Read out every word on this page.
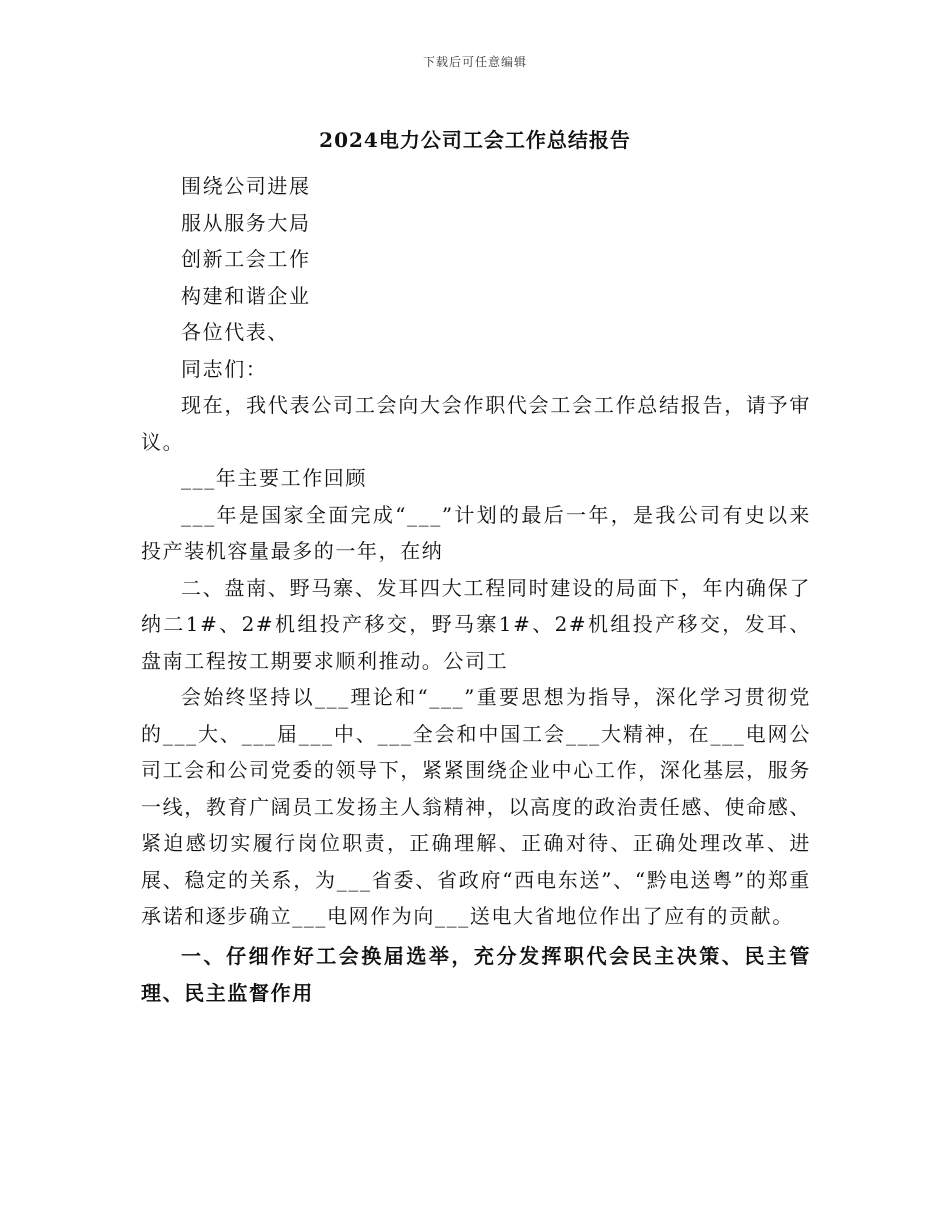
下载后可任意编辑
2024电力公司工会工作总结报告

围绕公司进展

服从服务大局

创新工会工作

构建和谐企业

各位代表、

同志们：

现在，我代表公司工会向大会作职代会工会工作总结报告，请予审议。

___年主要工作回顾

___年是国家全面完成“___”计划的最后一年，是我公司有史以来投产装机容量最多的一年，在纳

二、盘南、野马寨、发耳四大工程同时建设的局面下，年内确保了纳二1#、2#机组投产移交，野马寨1#、2#机组投产移交，发耳、盘南工程按工期要求顺利推动。公司工

会始终坚持以___理论和“___”重要思想为指导，深化学习贯彻党的___大、___届___中、___全会和中国工会___大精神，在___电网公司工会和公司党委的领导下，紧紧围绕企业中心工作，深化基层，服务一线，教育广阔员工发扬主人翁精神，以高度的政治责任感、使命感、紧迫感切实履行岗位职责，正确理解、正确对待、正确处理改革、进展、稳定的关系，为___省委、省政府“西电东送”、“黔电送粤”的郑重承诺和逐步确立___电网作为向___送电大省地位作出了应有的贡献。

一、仔细作好工会换届选举，充分发挥职代会民主决策、民主管理、民主监督作用
